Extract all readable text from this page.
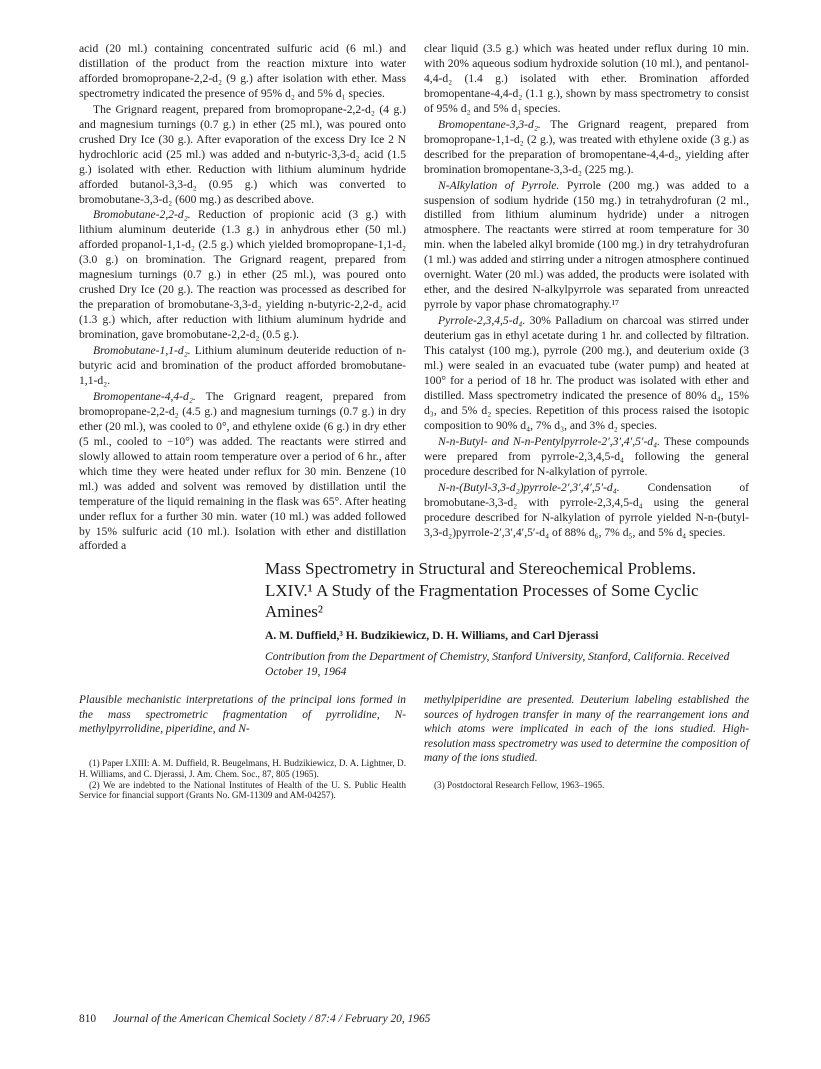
acid (20 ml.) containing concentrated sulfuric acid (6 ml.) and distillation of the product from the reaction mixture into water afforded bromopropane-2,2-d₂ (9 g.) after isolation with ether. Mass spectrometry indicated the presence of 95% d₂ and 5% d₁ species.

The Grignard reagent, prepared from bromopropane-2,2-d₂ (4 g.) and magnesium turnings (0.7 g.) in ether (25 ml.), was poured onto crushed Dry Ice (30 g.). After evaporation of the excess Dry Ice 2 N hydrochloric acid (25 ml.) was added and n-butyric-3,3-d₂ acid (1.5 g.) isolated with ether. Reduction with lithium aluminum hydride afforded butanol-3,3-d₂ (0.95 g.) which was converted to bromobutane-3,3-d₂ (600 mg.) as described above.

Bromobutane-2,2-d₂. Reduction of propionic acid (3 g.) with lithium aluminum deuteride (1.3 g.) in anhydrous ether (50 ml.) afforded propanol-1,1-d₂ (2.5 g.) which yielded bromopropane-1,1-d₂ (3.0 g.) on bromination. The Grignard reagent, prepared from magnesium turnings (0.7 g.) in ether (25 ml.), was poured onto crushed Dry Ice (20 g.). The reaction was processed as described for the preparation of bromobutane-3,3-d₂ yielding n-butyric-2,2-d₂ acid (1.3 g.) which, after reduction with lithium aluminum hydride and bromination, gave bromobutane-2,2-d₂ (0.5 g.).

Bromobutane-1,1-d₂. Lithium aluminum deuteride reduction of n-butyric acid and bromination of the product afforded bromobutane-1,1-d₂.

Bromopentane-4,4-d₂. The Grignard reagent, prepared from bromopropane-2,2-d₂ (4.5 g.) and magnesium turnings (0.7 g.) in dry ether (20 ml.), was cooled to 0°, and ethylene oxide (6 g.) in dry ether (5 ml., cooled to −10°) was added. The reactants were stirred and slowly allowed to attain room temperature over a period of 6 hr., after which time they were heated under reflux for 30 min. Benzene (10 ml.) was added and solvent was removed by distillation until the temperature of the liquid remaining in the flask was 65°. After heating under reflux for a further 30 min. water (10 ml.) was added followed by 15% sulfuric acid (10 ml.). Isolation with ether and distillation afforded a

clear liquid (3.5 g.) which was heated under reflux during 10 min. with 20% aqueous sodium hydroxide solution (10 ml.), and pentanol-4,4-d₂ (1.4 g.) isolated with ether. Bromination afforded bromopentane-4,4-d₂ (1.1 g.), shown by mass spectrometry to consist of 95% d₂ and 5% d₁ species.

Bromopentane-3,3-d₂. The Grignard reagent, prepared from bromopropane-1,1-d₂ (2 g.), was treated with ethylene oxide (3 g.) as described for the preparation of bromopentane-4,4-d₂, yielding after bromination bromopentane-3,3-d₂ (225 mg.).

N-Alkylation of Pyrrole. Pyrrole (200 mg.) was added to a suspension of sodium hydride (150 mg.) in tetrahydrofuran (2 ml., distilled from lithium aluminum hydride) under a nitrogen atmosphere. The reactants were stirred at room temperature for 30 min. when the labeled alkyl bromide (100 mg.) in dry tetrahydrofuran (1 ml.) was added and stirring under a nitrogen atmosphere continued overnight. Water (20 ml.) was added, the products were isolated with ether, and the desired N-alkylpyrrole was separated from unreacted pyrrole by vapor phase chromatography.¹⁷

Pyrrole-2,3,4,5-d₄. 30% Palladium on charcoal was stirred under deuterium gas in ethyl acetate during 1 hr. and collected by filtration. This catalyst (100 mg.), pyrrole (200 mg.), and deuterium oxide (3 ml.) were sealed in an evacuated tube (water pump) and heated at 100° for a period of 18 hr. The product was isolated with ether and distilled. Mass spectrometry indicated the presence of 80% d₄, 15% d₃, and 5% d₂ species. Repetition of this process raised the isotopic composition to 90% d₄, 7% d₃, and 3% d₂ species.

N-n-Butyl- and N-n-Pentylpyrrole-2′,3′,4′,5′-d₄. These compounds were prepared from pyrrole-2,3,4,5-d₄ following the general procedure described for N-alkylation of pyrrole.

N-n-(Butyl-3,3-d₂)pyrrole-2′,3′,4′,5′-d₄. Condensation of bromobutane-3,3-d₂ with pyrrole-2,3,4,5-d₄ using the general procedure described for N-alkylation of pyrrole yielded N-n-(butyl-3,3-d₂)pyrrole-2′,3′,4′,5′-d₄ of 88% d₆, 7% d₅, and 5% d₄ species.

Mass Spectrometry in Structural and Stereochemical Problems. LXIV.¹ A Study of the Fragmentation Processes of Some Cyclic Amines²
A. M. Duffield,³ H. Budzikiewicz, D. H. Williams, and Carl Djerassi
Contribution from the Department of Chemistry, Stanford University, Stanford, California. Received October 19, 1964
Plausible mechanistic interpretations of the principal ions formed in the mass spectrometric fragmentation of pyrrolidine, N-methylpyrrolidine, piperidine, and N-
methylpiperidine are presented. Deuterium labeling established the sources of hydrogen transfer in many of the rearrangement ions and which atoms were implicated in each of the ions studied. High-resolution mass spectrometry was used to determine the composition of many of the ions studied.

(1) Paper LXIII: A. M. Duffield, R. Beugelmans, H. Budzikiewicz, D. A. Lightner, D. H. Williams, and C. Djerassi, J. Am. Chem. Soc., 87, 805 (1965).

(2) We are indebted to the National Institutes of Health of the U. S. Public Health Service for financial support (Grants No. GM-11309 and AM-04257).

(3) Postdoctoral Research Fellow, 1963–1965.
810 Journal of the American Chemical Society / 87:4 / February 20, 1965
